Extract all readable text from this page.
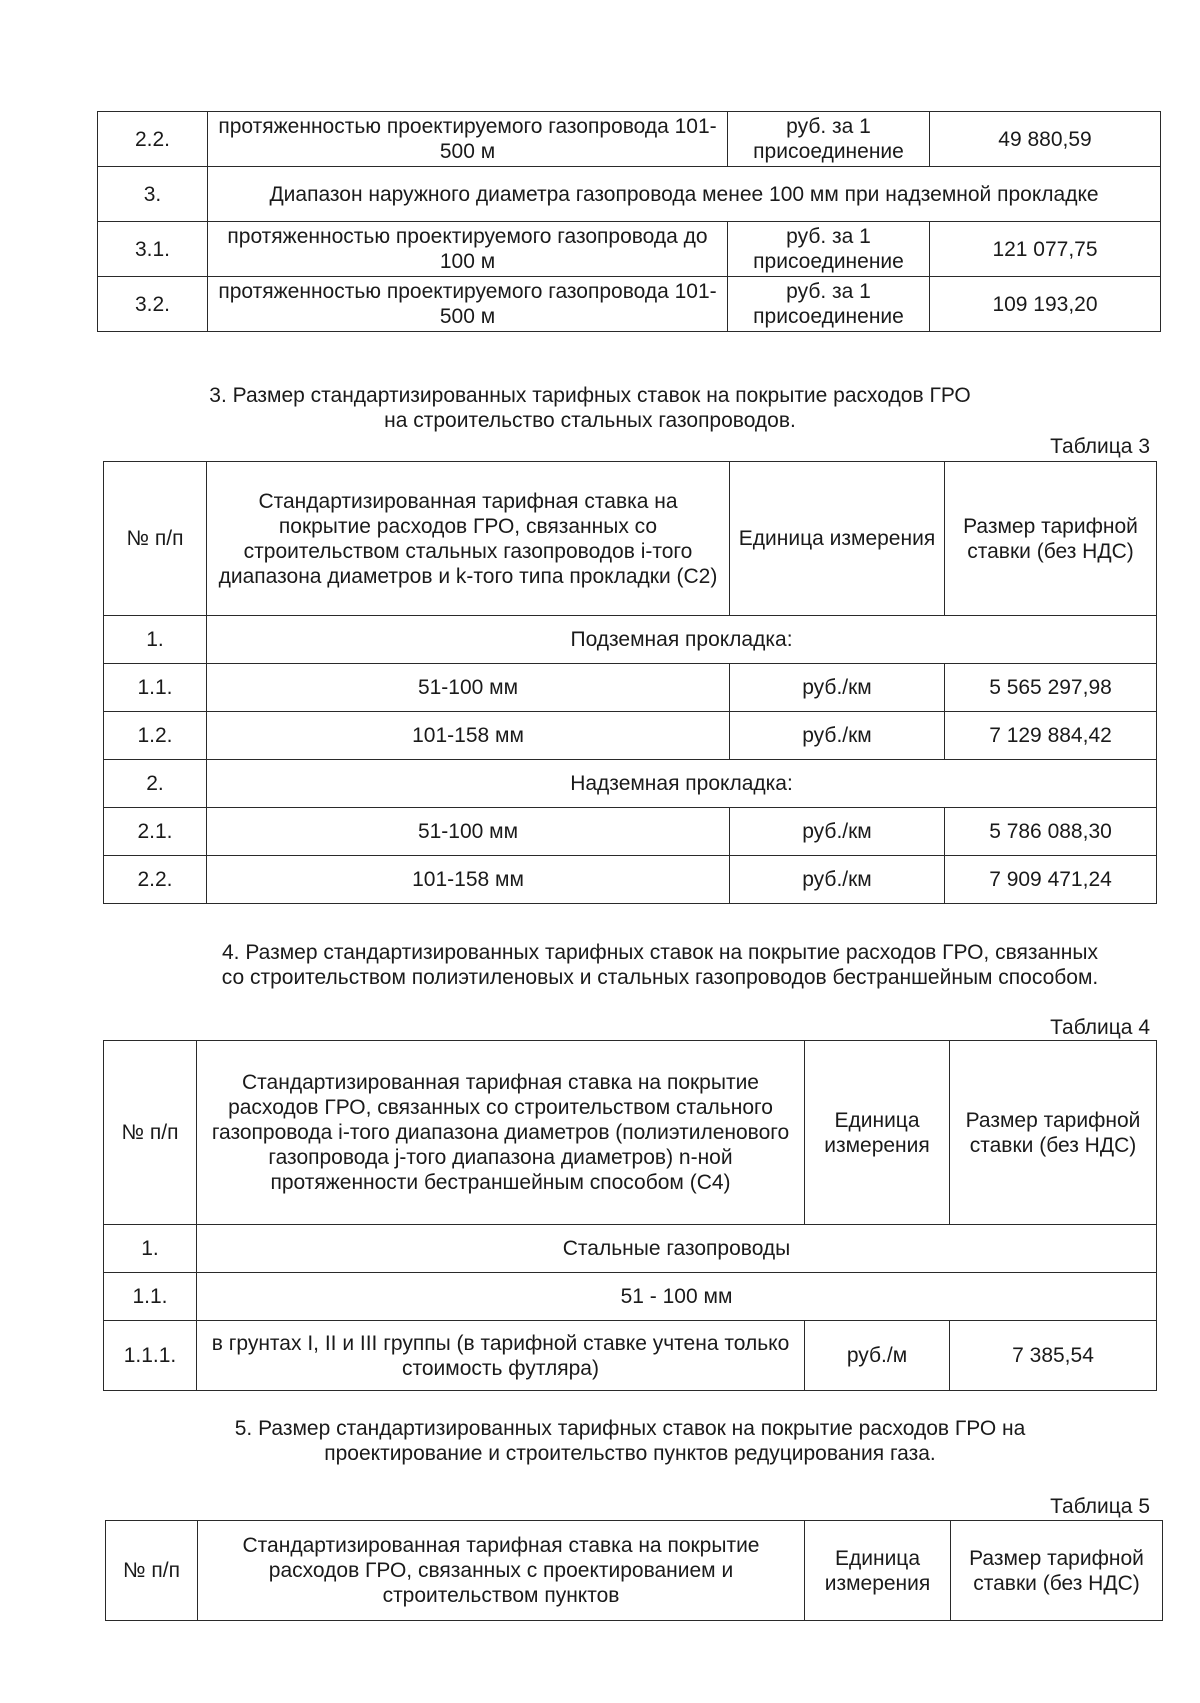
2.2.	протяженностью проектируемого газопровода 101-500 м	руб. за 1 присоединение	49 880,59
3.	Диапазон наружного диаметра газопровода менее 100 мм при надземной прокладке		
3.1.	протяженностью проектируемого газопровода до 100 м	руб. за 1 присоединение	121 077,75
3.2.	протяженностью проектируемого газопровода 101-500 м	руб. за 1 присоединение	109 193,20
3. Размер стандартизированных тарифных ставок на покрытие расходов ГРО на строительство стальных газопроводов.
Таблица 3
№ п/п	Стандартизированная тарифная ставка на покрытие расходов ГРО, связанных со строительством стальных газопроводов i-того диапазона диаметров и k-того типа прокладки (С2)	Единица измерения	Размер тарифной ставки (без НДС)
1.	Подземная прокладка:		
1.1.	51-100 мм	руб./км	5 565 297,98
1.2.	101-158 мм	руб./км	7 129 884,42
2.	Надземная прокладка:		
2.1.	51-100 мм	руб./км	5 786 088,30
2.2.	101-158 мм	руб./км	7 909 471,24
4. Размер стандартизированных тарифных ставок на покрытие расходов ГРО, связанных со строительством полиэтиленовых и стальных газопроводов бестраншейным способом.
Таблица 4
№ п/п	Стандартизированная тарифная ставка на покрытие расходов ГРО, связанных со строительством стального газопровода i-того диапазона диаметров (полиэтиленового газопровода j-того диапазона диаметров) n-ной протяженности бестраншейным способом (С4)	Единица измерения	Размер тарифной ставки (без НДС)
1.	Стальные газопроводы		
1.1.	51 - 100 мм		
1.1.1.	в грунтах I, II и III группы (в тарифной ставке учтена только стоимость футляра)	руб./м	7 385,54
5. Размер стандартизированных тарифных ставок на покрытие расходов ГРО на проектирование и строительство пунктов редуцирования газа.
Таблица 5
№ п/п	Стандартизированная тарифная ставка на покрытие расходов ГРО, связанных с проектированием и строительством пунктов	Единица измерения	Размер тарифной ставки (без НДС)
